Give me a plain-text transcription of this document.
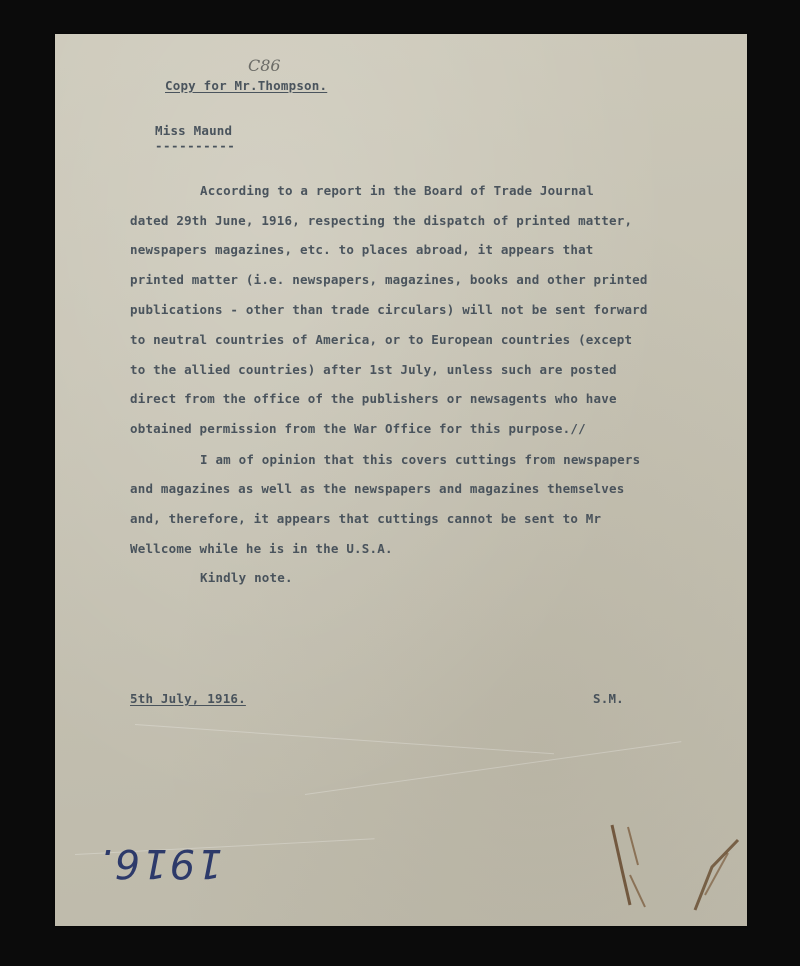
Copy for Mr.Thompson.
C86
Miss Maund
----------
According to a report in the Board of Trade Journal
dated 29th June, 1916, respecting the dispatch of printed matter,
newspapers magazines, etc. to places abroad, it appears that
printed matter (i.e. newspapers, magazines, books and other printed
publications - other than trade circulars) will not be sent forward
to neutral countries of America, or to European countries (except
to the allied countries) after 1st July, unless such are posted
direct from the office of the publishers or newsagents who have
obtained permission from the War Office for this purpose.//
I am of opinion that this covers cuttings from newspapers
and magazines as well as the newspapers and magazines themselves
and, therefore, it appears that cuttings cannot be sent to Mr
Wellcome while he is in the U.S.A.
Kindly note.
5th July, 1916.	S.M.
1916.
